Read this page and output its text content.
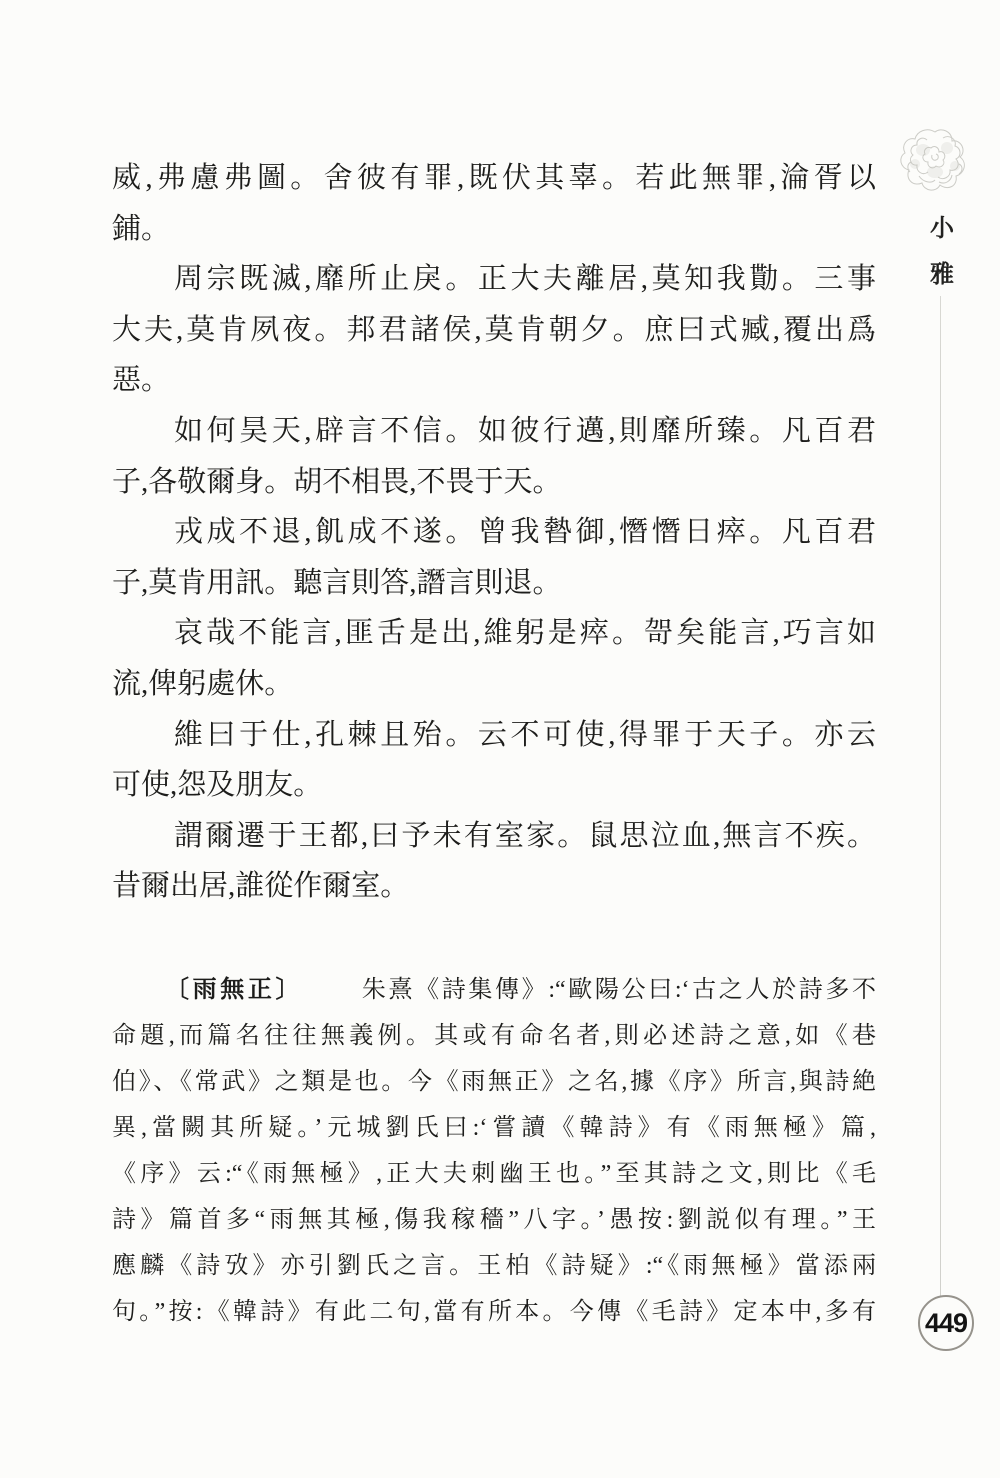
小
雅
449
威,弗慮弗圖。舍彼有罪,既伏其辜。若此無罪,淪胥以
鋪。
周宗既滅,靡所止戾。正大夫離居,莫知我勩。三事
大夫,莫肯夙夜。邦君諸侯,莫肯朝夕。庶曰式臧,覆出爲
惡。
如何昊天,辟言不信。如彼行邁,則靡所臻。凡百君
子,各敬爾身。胡不相畏,不畏于天。
戎成不退,飢成不遂。曾我暬御,憯憯日瘁。凡百君
子,莫肯用訊。聽言則答,譖言則退。
哀哉不能言,匪舌是出,維躬是瘁。哿矣能言,巧言如
流,俾躬處休。
維曰于仕,孔棘且殆。云不可使,得罪于天子。亦云
可使,怨及朋友。
謂爾遷于王都,曰予未有室家。鼠思泣血,無言不疾。
昔爾出居,誰從作爾室。
〔雨無正〕 朱熹《詩集傳》:“歐陽公曰:‘古之人於詩多不
命題,而篇名往往無義例。其或有命名者,則必述詩之意,如《巷
伯》、《常武》之類是也。今《雨無正》之名,據《序》所言,與詩絶
異,當闕其所疑。’元城劉氏曰:‘嘗讀《韓詩》有《雨無極》篇,
《序》云:“《雨無極》,正大夫刺幽王也。”至其詩之文,則比《毛
詩》篇首多“雨無其極,傷我稼穡”八字。’愚按:劉説似有理。”王
應麟《詩攷》亦引劉氏之言。王柏《詩疑》:“《雨無極》當添兩
句。”按:《韓詩》有此二句,當有所本。今傳《毛詩》定本中,多有
